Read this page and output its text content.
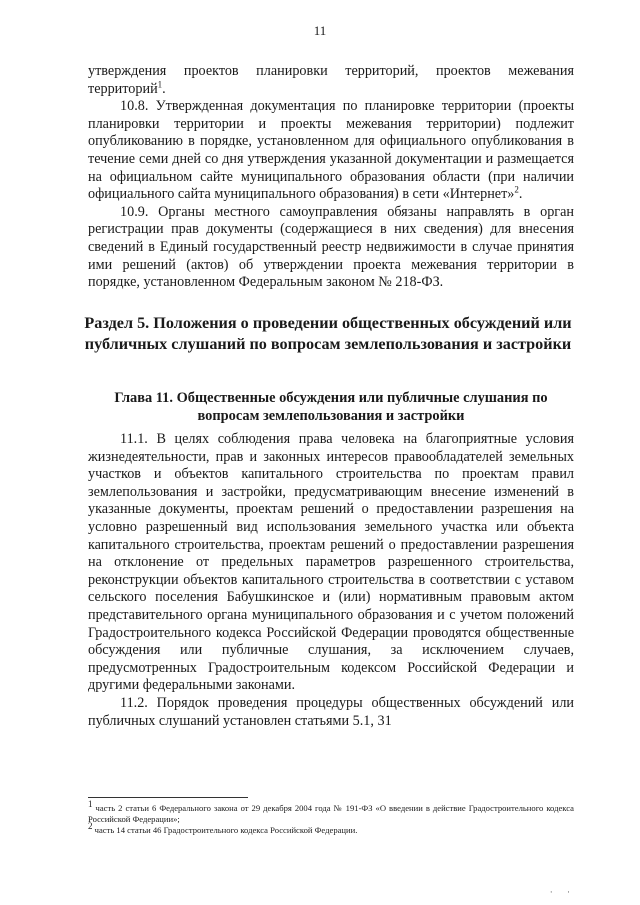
11

утверждения проектов планировки территорий, проектов межевания территорий$^1$.

10.8. Утвержденная документация по планировке территории (проекты планировки территории и проекты межевания территории) подлежит опубликованию в порядке, установленном для официального опубликования в течение семи дней со дня утверждения указанной документации и размещается на официальном сайте муниципального образования области (при наличии официального сайта муниципального образования) в сети «Интернет»$^2$.

10.9. Органы местного самоуправления обязаны направлять в орган регистрации прав документы (содержащиеся в них сведения) для внесения сведений в Единый государственный реестр недвижимости в случае принятия ими решений (актов) об утверждении проекта межевания территории в порядке, установленном Федеральным законом № 218-ФЗ.

Раздел 5. Положения о проведении общественных обсуждений или публичных слушаний по вопросам землепользования и застройки
Глава 11. Общественные обсуждения или публичные слушания по вопросам землепользования и застройки

11.1. В целях соблюдения права человека на благоприятные условия жизнедеятельности, прав и законных интересов правообладателей земельных участков и объектов капитального строительства по проектам правил землепользования и застройки, предусматривающим внесение изменений в указанные документы, проектам решений о предоставлении разрешения на условно разрешенный вид использования земельного участка или объекта капитального строительства, проектам решений о предоставлении разрешения на отклонение от предельных параметров разрешенного строительства, реконструкции объектов капитального строительства в соответствии с уставом сельского поселения Бабушкинское и (или) нормативным правовым актом представительного органа муниципального образования и с учетом положений Градостроительного кодекса Российской Федерации проводятся общественные обсуждения или публичные слушания, за исключением случаев, предусмотренных Градостроительным кодексом Российской Федерации и другими федеральными законами.

11.2. Порядок проведения процедуры общественных обсуждений или публичных слушаний установлен статьями 5.1, 31

$^1$ часть 2 статьи 6 Федерального закона от 29 декабря 2004 года № 191-ФЗ «О введении в действие Градостроительного кодекса Российской Федерации»;

$^2$ часть 14 статьи 46 Градостроительного кодекса Российской Федерации.

· ·
